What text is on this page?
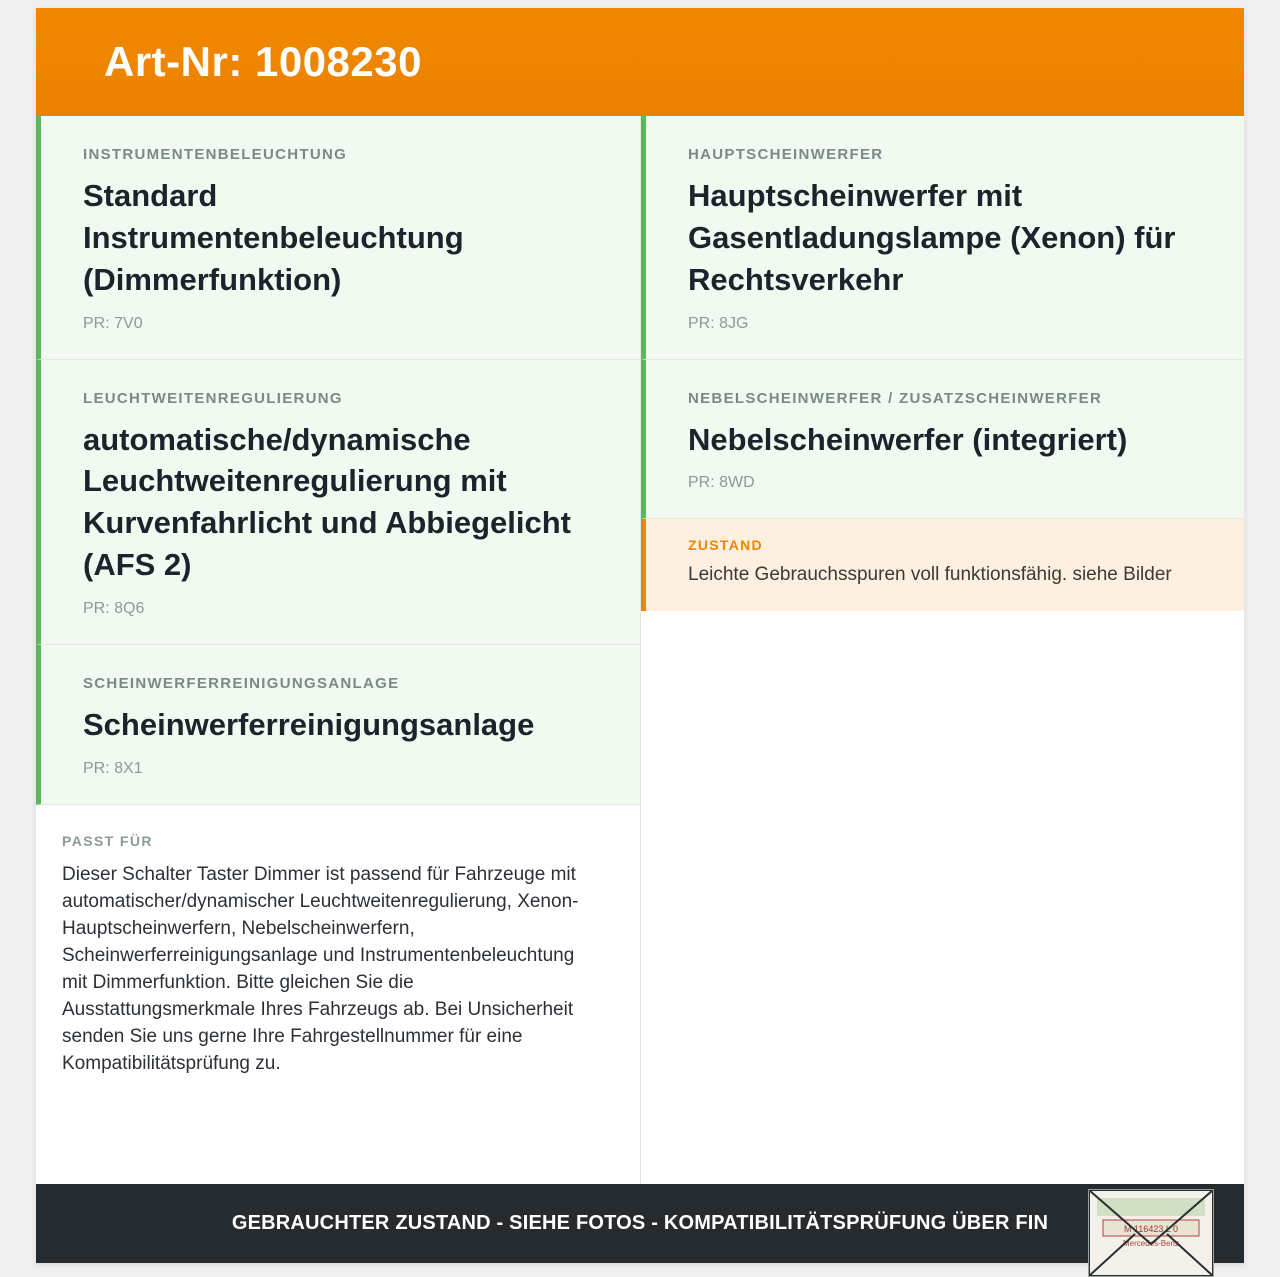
Art-Nr: 1008230
INSTRUMENTENBELEUCHTUNG
Standard Instrumentenbeleuchtung (Dimmerfunktion)
PR: 7V0
LEUCHTWEITENREGULIERUNG
automatische/dynamische Leuchtweitenregulierung mit Kurvenfahrlicht und Abbiegelicht (AFS 2)
PR: 8Q6
SCHEINWERFERREINIGUNGSANLAGE
Scheinwerferreinigungsanlage
PR: 8X1
PASST FÜR
Dieser Schalter Taster Dimmer ist passend für Fahrzeuge mit automatischer/dynamischer Leuchtweitenregulierung, Xenon-Hauptscheinwerfern, Nebelscheinwerfern, Scheinwerferreinigungsanlage und Instrumentenbeleuchtung mit Dimmerfunktion. Bitte gleichen Sie die Ausstattungsmerkmale Ihres Fahrzeugs ab. Bei Unsicherheit senden Sie uns gerne Ihre Fahrgestellnummer für eine Kompatibilitätsprüfung zu.
HAUPTSCHEINWERFER
Hauptscheinwerfer mit Gasentladungslampe (Xenon) für Rechtsverkehr
PR: 8JG
NEBELSCHEINWERFER / ZUSATZSCHEINWERFER
Nebelscheinwerfer (integriert)
PR: 8WD
ZUSTAND
Leichte Gebrauchsspuren voll funktionsfähig. siehe Bilder
GEBRAUCHTER ZUSTAND - SIEHE FOTOS - KOMPATIBILITÄTSPRÜFUNG ÜBER FIN	M 116423 L 0
Mercedes-Benz
